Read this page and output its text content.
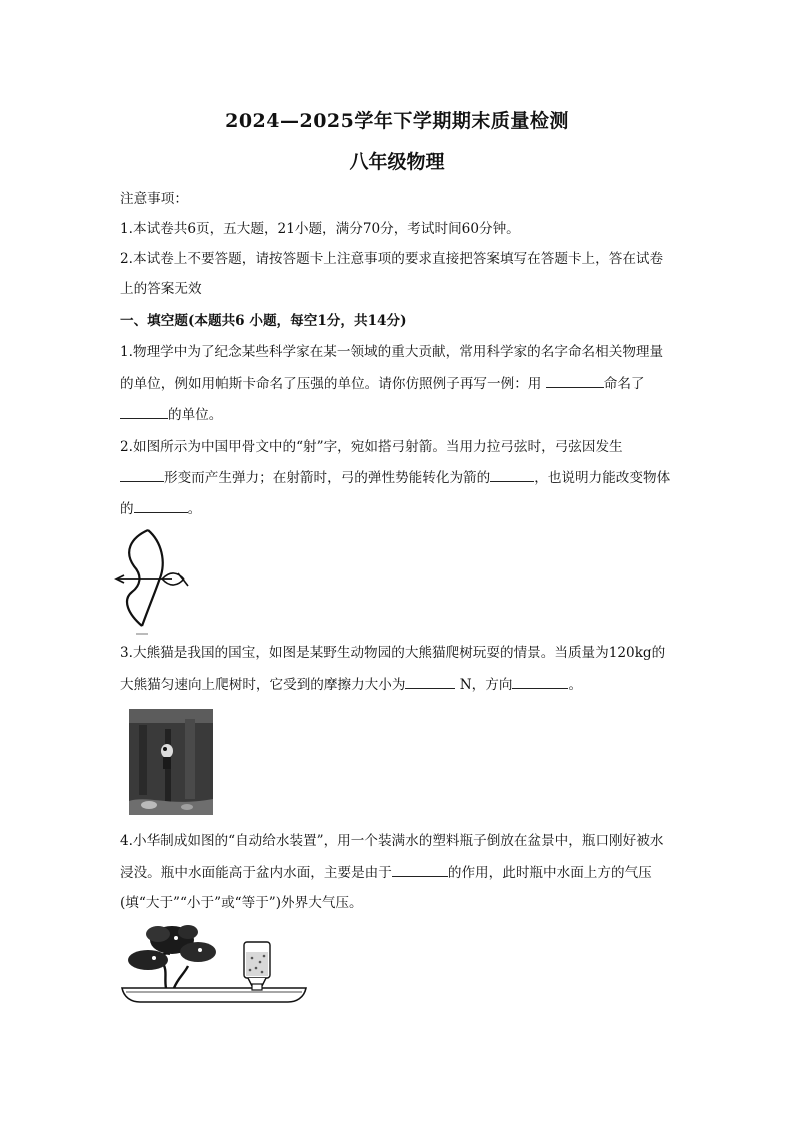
2024—2025学年下学期期末质量检测
八年级物理
注意事项：
1.本试卷共6页，五大题，21小题，满分70分，考试时间60分钟。
2.本试卷上不要答题，请按答题卡上注意事项的要求直接把答案填写在答题卡上，答在试卷
上的答案无效
一、填空题(本题共6 小题，每空1分，共14分)
1.物理学中为了纪念某些科学家在某一领域的重大贡献，常用科学家的名字命名相关物理量
的单位，例如用帕斯卡命名了压强的单位。请你仿照例子再写一例：用	命名了
的单位。
2.如图所示为中国甲骨文中的“射”字，宛如搭弓射箭。当用力拉弓弦时，弓弦因发生
形变而产生弹力；在射箭时，弓的弹性势能转化为箭的	，也说明力能改变物体
的	。
3.大熊猫是我国的国宝，如图是某野生动物园的大熊猫爬树玩耍的情景。当质量为120kg的
大熊猫匀速向上爬树时，它受到的摩擦力大小为	N，方向	。
4.小华制成如图的“自动给水装置”，用一个装满水的塑料瓶子倒放在盆景中，瓶口刚好被水
浸没。瓶中水面能高于盆内水面，主要是由于	的作用，此时瓶中水面上方的气压
(填“大于”“小于”或“等于”)外界大气压。
